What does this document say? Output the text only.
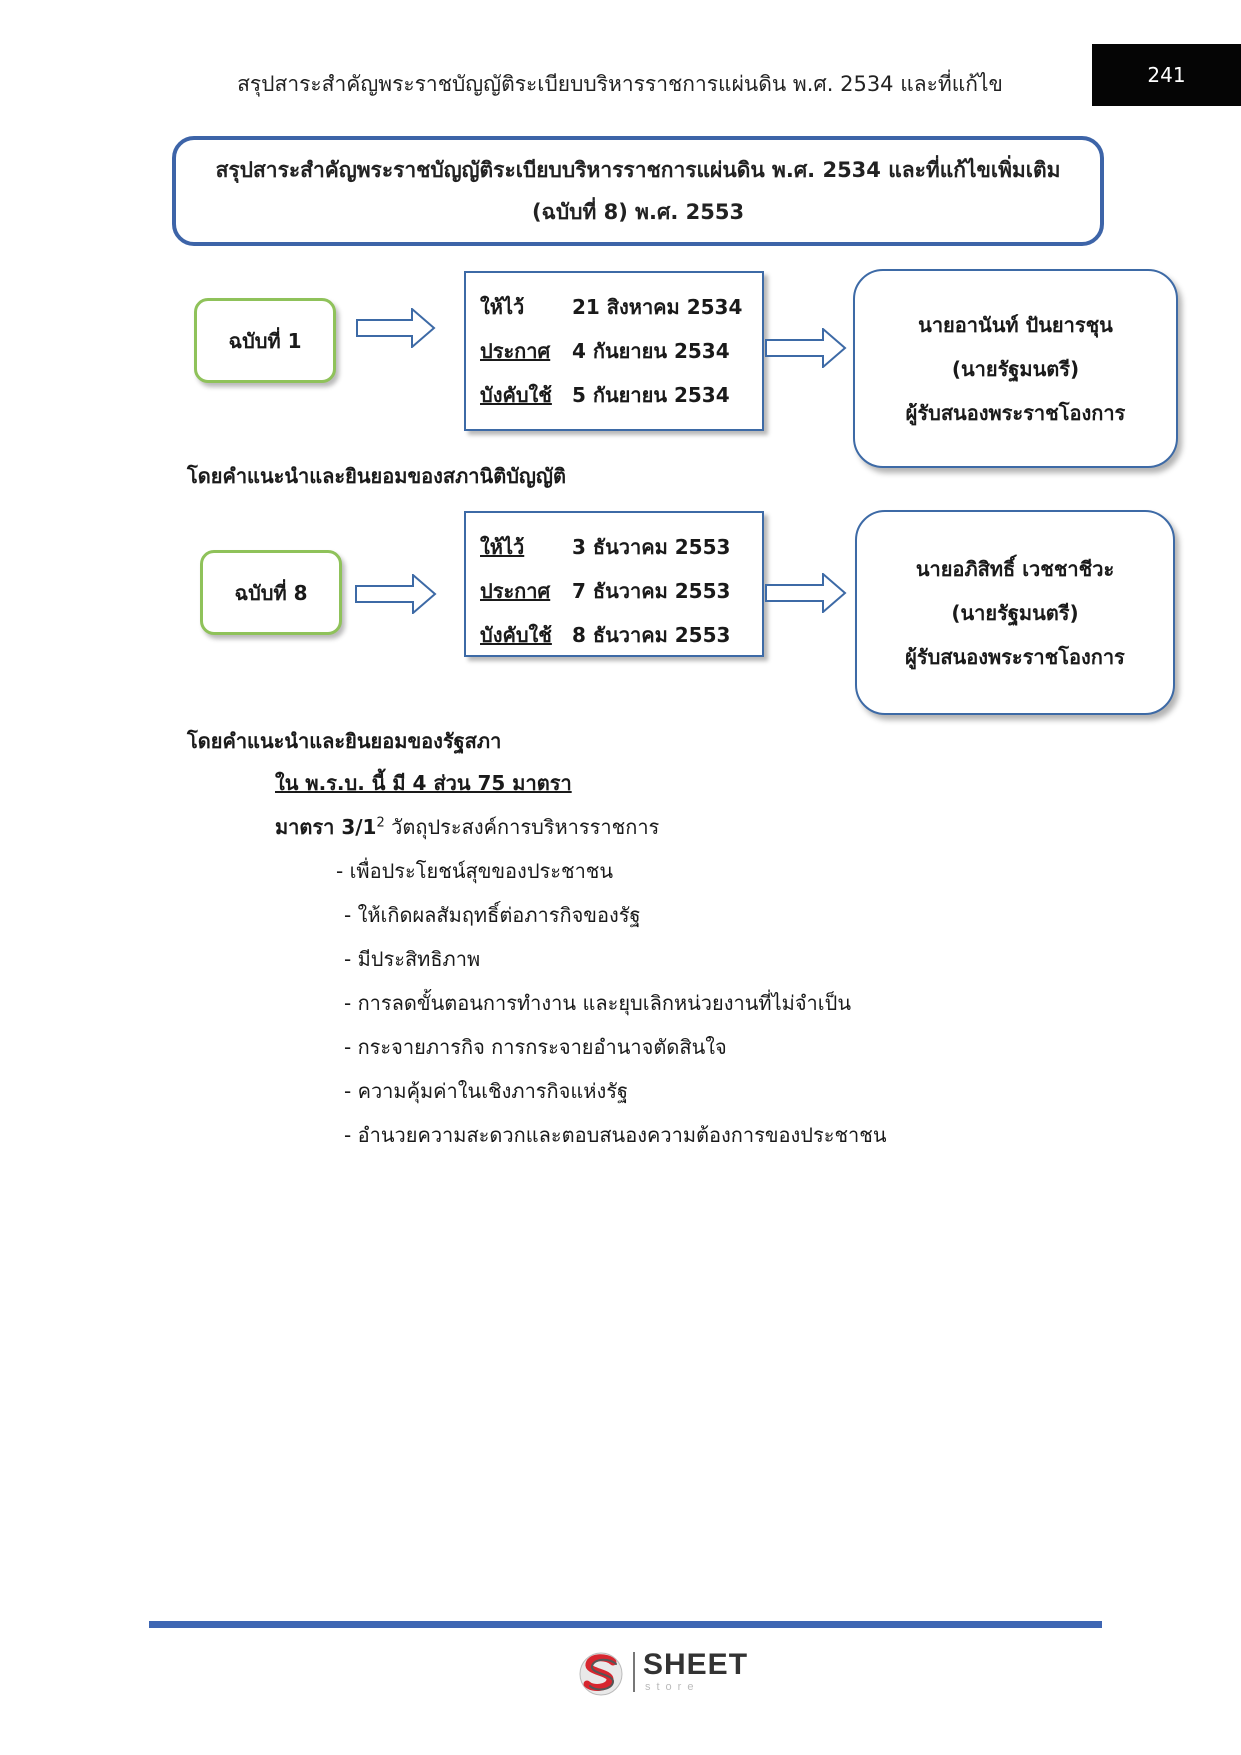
สรุปสาระสำคัญพระราชบัญญัติระเบียบบริหารราชการแผ่นดิน พ.ศ. 2534 และที่แก้ไข	241
สรุปสาระสำคัญพระราชบัญญัติระเบียบบริหารราชการแผ่นดิน พ.ศ. 2534 และที่แก้ไขเพิ่มเติม
(ฉบับที่ 8) พ.ศ. 2553
ฉบับที่ 1
ให้ไว้ 21 สิงหาคม 2534
ประกาศ 4 กันยายน 2534
บังคับใช้ 5 กันยายน 2534
นายอานันท์ ปันยารชุน
(นายรัฐมนตรี)
ผู้รับสนองพระราชโองการ
โดยคำแนะนำและยินยอมของสภานิติบัญญัติ
ฉบับที่ 8
ให้ไว้ 3 ธันวาคม 2553
ประกาศ 7 ธันวาคม 2553
บังคับใช้ 8 ธันวาคม 2553
นายอภิสิทธิ์ เวชชาชีวะ
(นายรัฐมนตรี)
ผู้รับสนองพระราชโองการ
โดยคำแนะนำและยินยอมของรัฐสภา
ใน พ.ร.บ. นี้ มี 4 ส่วน 75 มาตรา
มาตรา $3/1^2$ วัตถุประสงค์การบริหารราชการ
- เพื่อประโยชน์สุขของประชาชน
- ให้เกิดผลสัมฤทธิ์ต่อภารกิจของรัฐ
- มีประสิทธิภาพ
- การลดขั้นตอนการทำงาน และยุบเลิกหน่วยงานที่ไม่จำเป็น
- กระจายภารกิจ การกระจายอำนาจตัดสินใจ
- ความคุ้มค่าในเชิงภารกิจแห่งรัฐ
- อำนวยความสะดวกและตอบสนองความต้องการของประชาชน
SHEET
store
